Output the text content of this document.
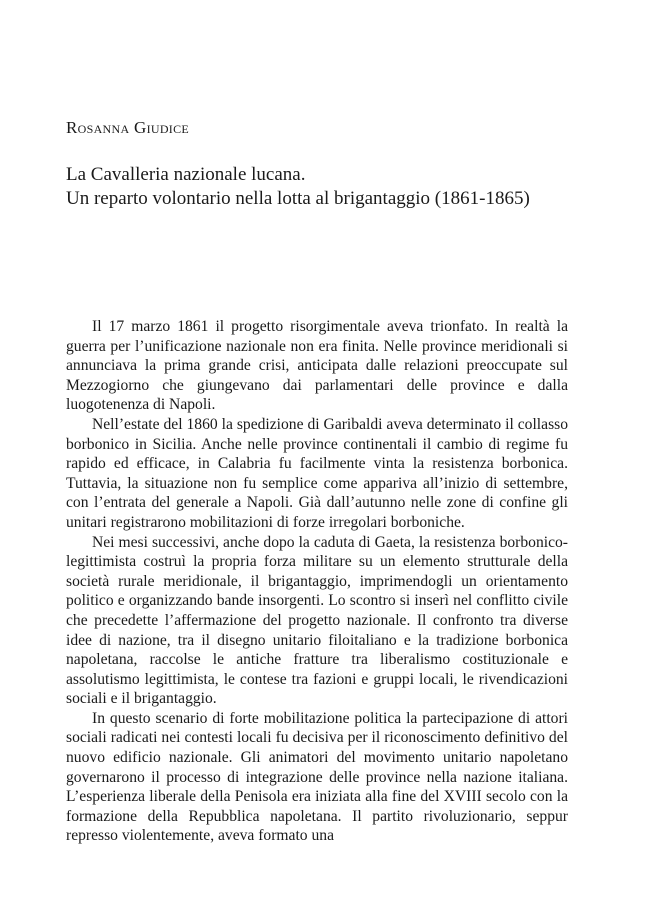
Rosanna Giudice

La Cavalleria nazionale lucana.
Un reparto volontario nella lotta al brigantaggio (1861-1865)

Il 17 marzo 1861 il progetto risorgimentale aveva trionfato. In realtà la guerra per l’unificazione nazionale non era finita. Nelle province meridionali si annunciava la prima grande crisi, anticipata dalle relazioni preoccupate sul Mezzogiorno che giungevano dai parlamentari delle province e dalla luogotenenza di Napoli.

Nell’estate del 1860 la spedizione di Garibaldi aveva determinato il collasso borbonico in Sicilia. Anche nelle province continentali il cambio di regime fu rapido ed efficace, in Calabria fu facilmente vinta la resistenza borbonica. Tuttavia, la situazione non fu semplice come appariva all’inizio di settembre, con l’entrata del generale a Napoli. Già dall’autunno nelle zone di confine gli unitari registrarono mobilitazioni di forze irregolari borboniche.

Nei mesi successivi, anche dopo la caduta di Gaeta, la resistenza borbonico-legittimista costruì la propria forza militare su un elemento strutturale della società rurale meridionale, il brigantaggio, imprimendogli un orientamento politico e organizzando bande insorgenti. Lo scontro si inserì nel conflitto civile che precedette l’affermazione del progetto nazionale. Il confronto tra diverse idee di nazione, tra il disegno unitario filoitaliano e la tradizione borbonica napoletana, raccolse le antiche fratture tra liberalismo costituzionale e assolutismo legittimista, le contese tra fazioni e gruppi locali, le rivendicazioni sociali e il brigantaggio.

In questo scenario di forte mobilitazione politica la partecipazione di attori sociali radicati nei contesti locali fu decisiva per il riconoscimento definitivo del nuovo edificio nazionale. Gli animatori del movimento unitario napoletano governarono il processo di integrazione delle province nella nazione italiana. L’esperienza liberale della Penisola era iniziata alla fine del XVIII secolo con la formazione della Repubblica napoletana. Il partito rivoluzionario, seppur represso violentemente, aveva formato una
